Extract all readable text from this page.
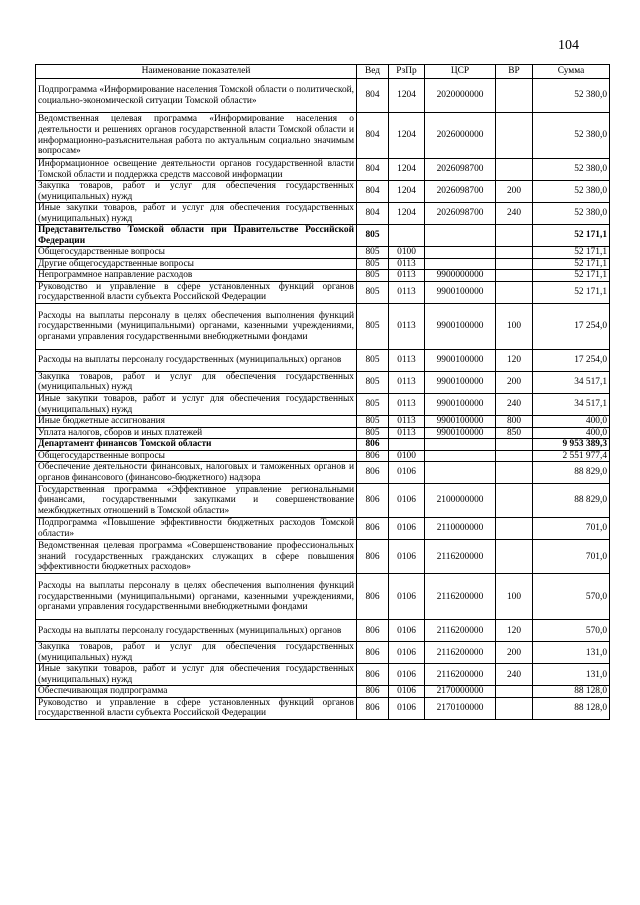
104
Наименование показателей	Вед	РзПр	ЦСР	ВР	Сумма
Подпрограмма «Информирование населения Томской области о политической, социально-экономической ситуации Томской области»	804	1204	2020000000		52 380,0
Ведомственная целевая программа «Информирование населения о деятельности и решениях органов государственной власти Томской области и информационно-разъяснительная работа по актуальным социально значимым вопросам»	804	1204	2026000000		52 380,0
Информационное освещение деятельности органов государственной власти Томской области и поддержка средств массовой информации	804	1204	2026098700		52 380,0
Закупка товаров, работ и услуг для обеспечения государственных (муниципальных) нужд	804	1204	2026098700	200	52 380,0
Иные закупки товаров, работ и услуг для обеспечения государственных (муниципальных) нужд	804	1204	2026098700	240	52 380,0
Представительство Томской области при Правительстве Российской Федерации	805				52 171,1
Общегосударственные вопросы	805	0100			52 171,1
Другие общегосударственные вопросы	805	0113			52 171,1
Непрограммное направление расходов	805	0113	9900000000		52 171,1
Руководство и управление в сфере установленных функций органов государственной власти субъекта Российской Федерации	805	0113	9900100000		52 171,1
Расходы на выплаты персоналу в целях обеспечения выполнения функций государственными (муниципальными) органами, казенными учреждениями, органами управления государственными внебюджетными фондами	805	0113	9900100000	100	17 254,0
Расходы на выплаты персоналу государственных (муниципальных) органов	805	0113	9900100000	120	17 254,0
Закупка товаров, работ и услуг для обеспечения государственных (муниципальных) нужд	805	0113	9900100000	200	34 517,1
Иные закупки товаров, работ и услуг для обеспечения государственных (муниципальных) нужд	805	0113	9900100000	240	34 517,1
Иные бюджетные ассигнования	805	0113	9900100000	800	400,0
Уплата налогов, сборов и иных платежей	805	0113	9900100000	850	400,0
Департамент финансов Томской области	806				9 953 389,3
Общегосударственные вопросы	806	0100			2 551 977,4
Обеспечение деятельности финансовых, налоговых и таможенных органов и органов финансового (финансово-бюджетного) надзора	806	0106			88 829,0
Государственная программа «Эффективное управление региональными финансами, государственными закупками и совершенствование межбюджетных отношений в Томской области»	806	0106	2100000000		88 829,0
Подпрограмма «Повышение эффективности бюджетных расходов Томской области»	806	0106	2110000000		701,0
Ведомственная целевая программа «Совершенствование профессиональных знаний государственных гражданских служащих в сфере повышения эффективности бюджетных расходов»	806	0106	2116200000		701,0
Расходы на выплаты персоналу в целях обеспечения выполнения функций государственными (муниципальными) органами, казенными учреждениями, органами управления государственными внебюджетными фондами	806	0106	2116200000	100	570,0
Расходы на выплаты персоналу государственных (муниципальных) органов	806	0106	2116200000	120	570,0
Закупка товаров, работ и услуг для обеспечения государственных (муниципальных) нужд	806	0106	2116200000	200	131,0
Иные закупки товаров, работ и услуг для обеспечения государственных (муниципальных) нужд	806	0106	2116200000	240	131,0
Обеспечивающая подпрограмма	806	0106	2170000000		88 128,0
Руководство и управление в сфере установленных функций органов государственной власти субъекта Российской Федерации	806	0106	2170100000		88 128,0
